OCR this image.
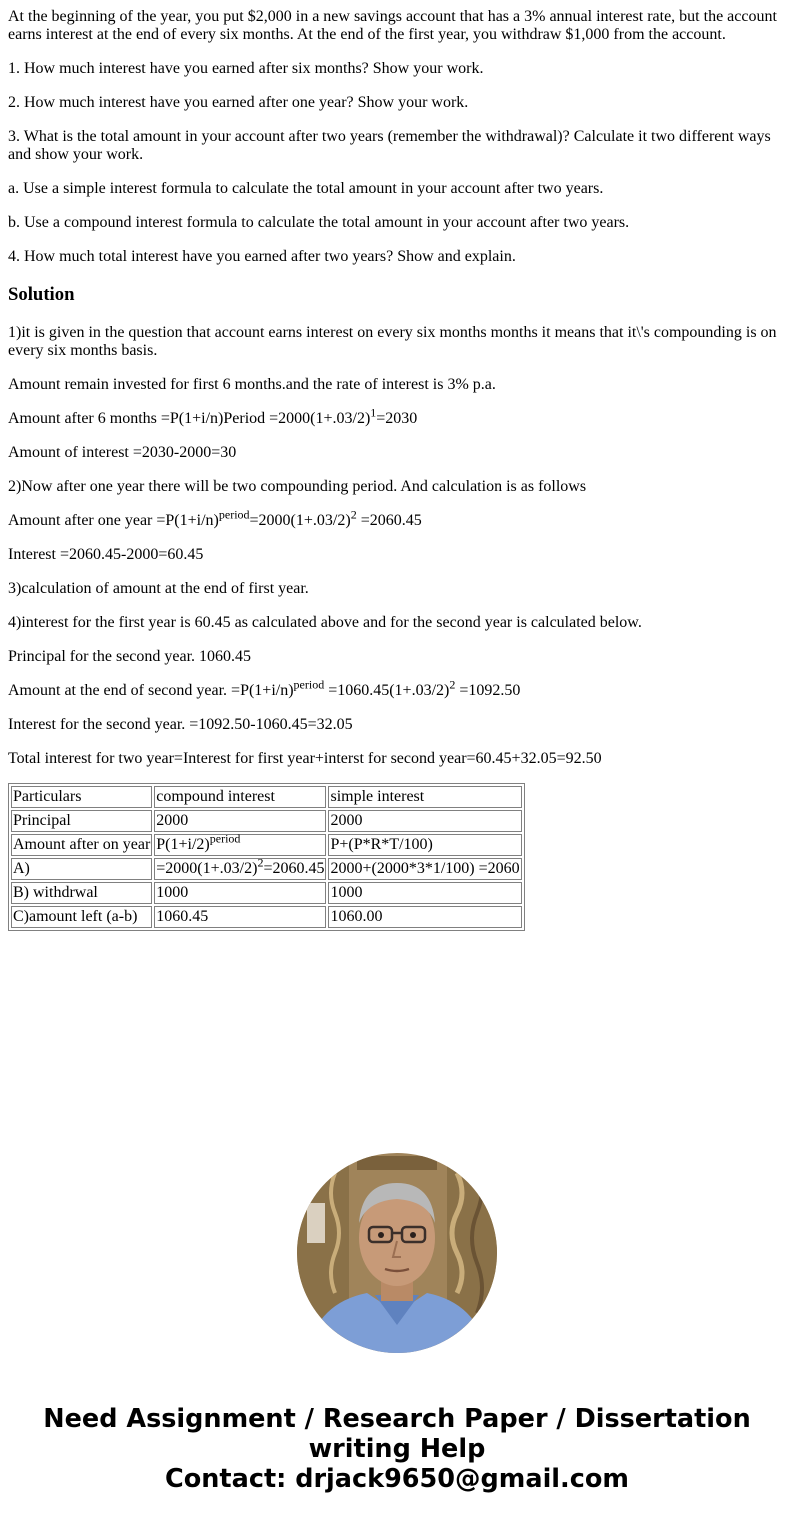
At the beginning of the year, you put $2,000 in a new savings account that has a 3% annual interest rate, but the account earns interest at the end of every six months. At the end of the first year, you withdraw $1,000 from the account.

1. How much interest have you earned after six months? Show your work.

2. How much interest have you earned after one year? Show your work.

3. What is the total amount in your account after two years (remember the withdrawal)? Calculate it two different ways and show your work.

a. Use a simple interest formula to calculate the total amount in your account after two years.

b. Use a compound interest formula to calculate the total amount in your account after two years.

4. How much total interest have you earned after two years? Show and explain.

Solution

1)it is given in the question that account earns interest on every six months months it means that it\'s compounding is on every six months basis.

Amount remain invested for first 6 months.and the rate of interest is 3% p.a.

Amount after 6 months =P(1+i/n)Period $=2000(1+.03/2)^1=2030$

Amount of interest =2030-2000=30

2)Now after one year there will be two compounding period. And calculation is as follows

Amount after one year $=P(1+i/n)^{period}=2000(1+.03/2)^2 =2060.45$

Interest =2060.45-2000=60.45

3)calculation of amount at the end of first year.

4)interest for the first year is 60.45 as calculated above and for the second year is calculated below.

Principal for the second year. 1060.45

Amount at the end of second year. $=P(1+i/n)^{period} =1060.45(1+.03/2)^2 =1092.50$

Interest for the second year. =1092.50-1060.45=32.05

Total interest for two year=Interest for first year+interst for second year=60.45+32.05=92.50

Particulars	compound interest	simple interest
Principal	2000	2000
Amount after on year	$P(1+i/2)^{period}$	P+(P*R*T/100)
A)	$=2000(1+.03/2)^2=2060.45$	2000+(2000*3*1/100) =2060
B) withdrwal	1000	1000
C)amount left (a-b)	1060.45	1060.00
Need Assignment / Research Paper / Dissertation
writing Help
Contact: drjack9650@gmail.com
